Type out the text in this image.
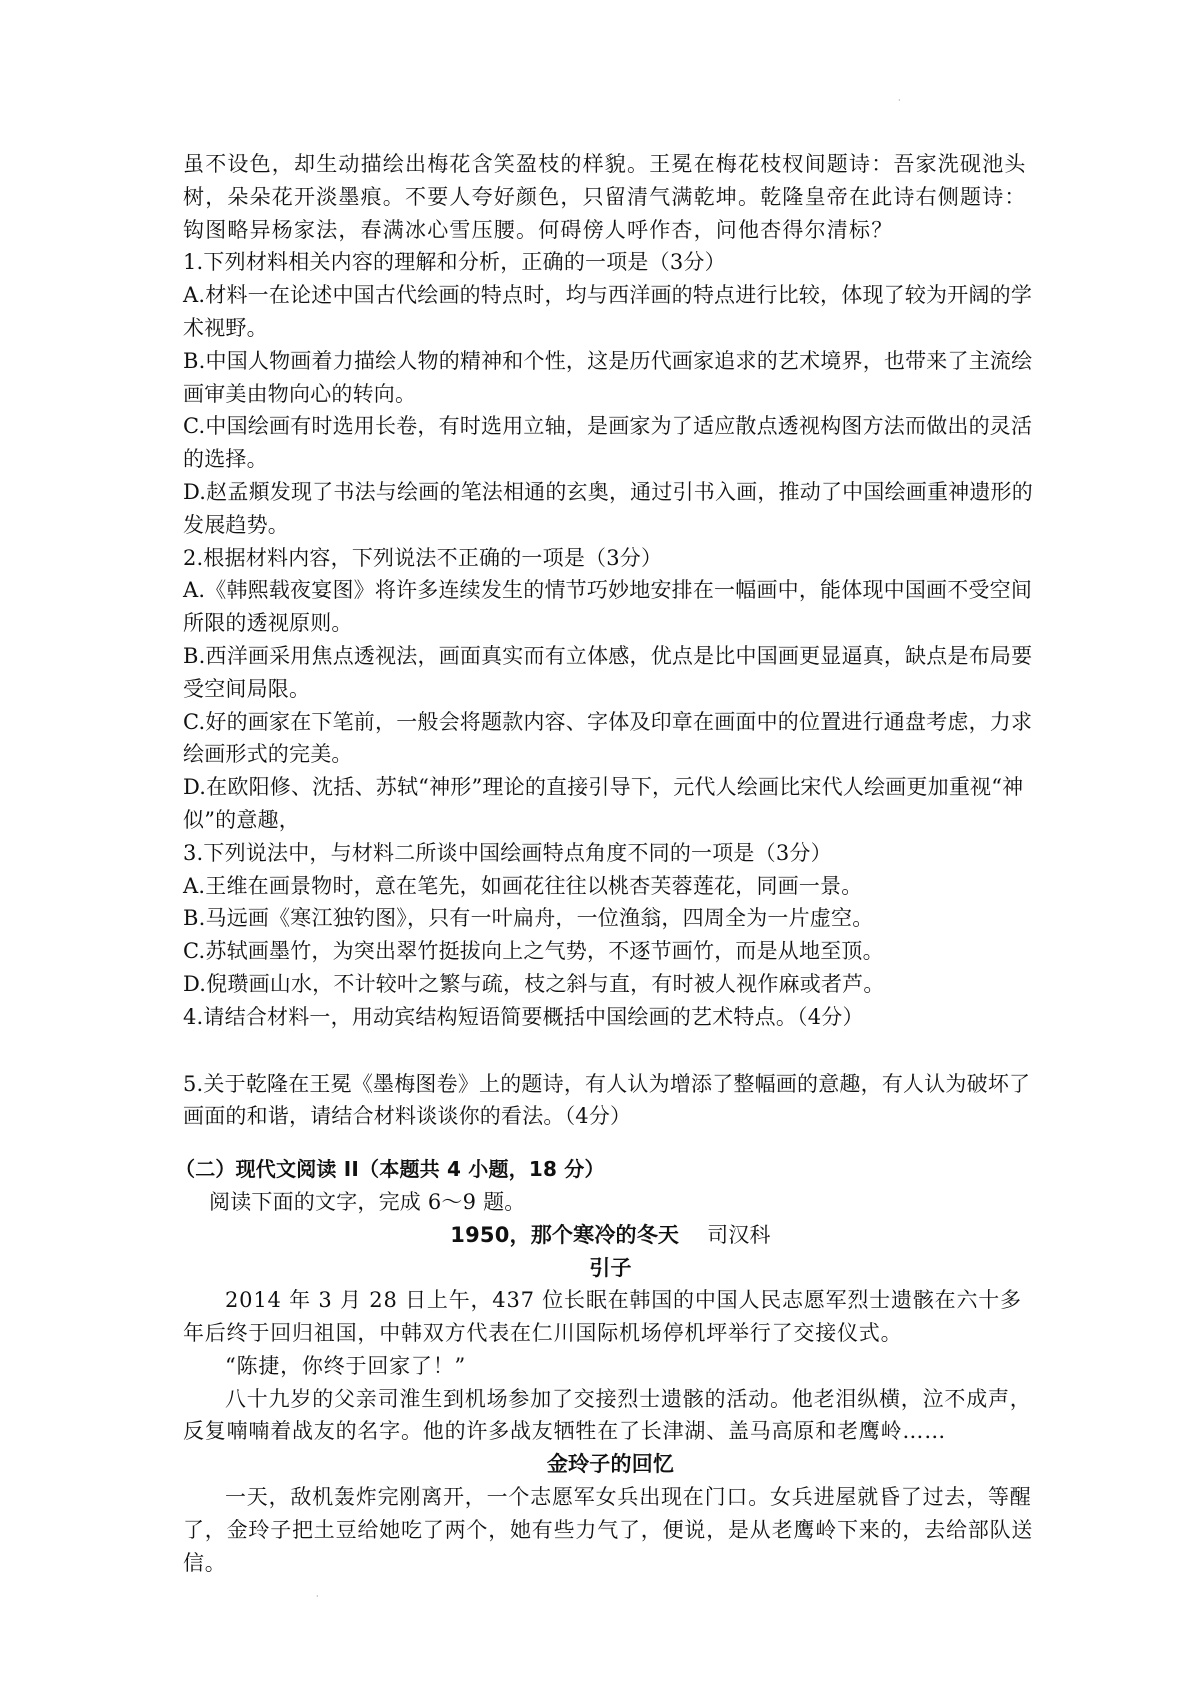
·

虽不设色，却生动描绘出梅花含笑盈枝的样貌。王冕在梅花枝杈间题诗：吾家洗砚池头树，朵朵花开淡墨痕。不要人夸好颜色，只留清气满乾坤。乾隆皇帝在此诗右侧题诗：钩图略异杨家法，春满冰心雪压腰。何碍傍人呼作杏，问他杏得尔清标？

1.下列材料相关内容的理解和分析，正确的一项是（3分）

A.材料一在论述中国古代绘画的特点时，均与西洋画的特点进行比较，体现了较为开阔的学术视野。

B.中国人物画着力描绘人物的精神和个性，这是历代画家追求的艺术境界，也带来了主流绘画审美由物向心的转向。

C.中国绘画有时选用长卷，有时选用立轴，是画家为了适应散点透视构图方法而做出的灵活的选择。

D.赵孟頫发现了书法与绘画的笔法相通的玄奥，通过引书入画，推动了中国绘画重神遗形的发展趋势。

2.根据材料内容，下列说法不正确的一项是（3分）

A.《韩熙载夜宴图》将许多连续发生的情节巧妙地安排在一幅画中，能体现中国画不受空间所限的透视原则。

B.西洋画采用焦点透视法，画面真实而有立体感，优点是比中国画更显逼真，缺点是布局要受空间局限。

C.好的画家在下笔前，一般会将题款内容、字体及印章在画面中的位置进行通盘考虑，力求绘画形式的完美。

D.在欧阳修、沈括、苏轼“神形”理论的直接引导下，元代人绘画比宋代人绘画更加重视“神似”的意趣，

3.下列说法中，与材料二所谈中国绘画特点角度不同的一项是（3分）

A.王维在画景物时，意在笔先，如画花往往以桃杏芙蓉莲花，同画一景。

B.马远画《寒江独钓图》，只有一叶扁舟，一位渔翁，四周全为一片虚空。

C.苏轼画墨竹，为突出翠竹挺拔向上之气势，不逐节画竹，而是从地至顶。

D.倪瓒画山水，不计较叶之繁与疏，枝之斜与直，有时被人视作麻或者芦。

4.请结合材料一，用动宾结构短语简要概括中国绘画的艺术特点。（4分）

5.关于乾隆在王冕《墨梅图卷》上的题诗，有人认为增添了整幅画的意趣，有人认为破坏了画面的和谐，请结合材料谈谈你的看法。（4分）

（二）现代文阅读 II（本题共 4 小题，18 分）

阅读下面的文字，完成 6～9 题。

1950，那个寒冷的冬天 司汉科

引子

2014 年 3 月 28 日上午，437 位长眠在韩国的中国人民志愿军烈士遗骸在六十多年后终于回归祖国，中韩双方代表在仁川国际机场停机坪举行了交接仪式。

“陈捷，你终于回家了！”

八十九岁的父亲司淮生到机场参加了交接烈士遗骸的活动。他老泪纵横，泣不成声，反复喃喃着战友的名字。他的许多战友牺牲在了长津湖、盖马高原和老鹰岭……

金玲子的回忆

一天，敌机轰炸完刚离开，一个志愿军女兵出现在门口。女兵进屋就昏了过去，等醒了，金玲子把土豆给她吃了两个，她有些力气了，便说，是从老鹰岭下来的，去给部队送信。

·
